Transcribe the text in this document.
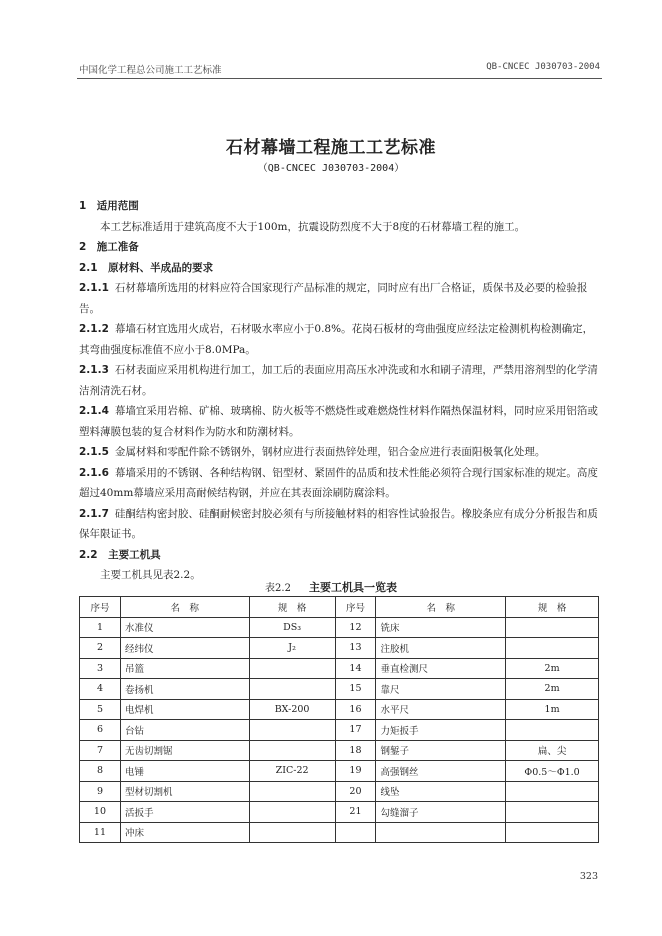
中国化学工程总公司施工工艺标准	QB-CNCEC J030703-2004
石材幕墙工程施工工艺标准
（QB-CNCEC J030703-2004）

1　适用范围

本工艺标准适用于建筑高度不大于100m，抗震设防烈度不大于8度的石材幕墙工程的施工。

2　施工准备

2.1　原材料、半成品的要求

2.1.1 石材幕墙所选用的材料应符合国家现行产品标准的规定，同时应有出厂合格证，质保书及必要的检验报告。

2.1.2 幕墙石材宜选用火成岩，石材吸水率应小于0.8%。花岗石板材的弯曲强度应经法定检测机构检测确定，其弯曲强度标准值不应小于8.0MPa。

2.1.3 石材表面应采用机构进行加工，加工后的表面应用高压水冲洗或和水和刷子清理，严禁用溶剂型的化学清洁剂清洗石材。

2.1.4 幕墙宜采用岩棉、矿棉、玻璃棉、防火板等不燃烧性或难燃烧性材料作隔热保温材料，同时应采用铝箔或塑料薄膜包装的复合材料作为防水和防潮材料。

2.1.5 金属材料和零配件除不锈钢外，钢材应进行表面热锌处理，铝合金应进行表面阳极氧化处理。

2.1.6 幕墙采用的不锈钢、各种结构钢、铝型材、紧固件的品质和技术性能必须符合现行国家标准的规定。高度超过40mm幕墙应采用高耐候结构钢，并应在其表面涂刷防腐涂料。

2.1.7 硅酮结构密封胶、硅酮耐候密封胶必须有与所接触材料的相容性试验报告。橡胶条应有成分分析报告和质保年限证书。

2.2　主要工机具

主要工机具见表2.2。

表2.2 主要工机具一览表
序号	名　称	规　格	序号	名　称	规　格
1	水准仪	DS₃	12	铣床	
2	经纬仪	J₂	13	注胶机	
3	吊篮		14	垂直检测尺	2m
4	卷扬机		15	靠尺	2m
5	电焊机	BX-200	16	水平尺	1m
6	台钻		17	力矩扳手	
7	无齿切割锯		18	钢錾子	扁、尖
8	电锤	ZIC-22	19	高强钢丝	Φ0.5～Φ1.0
9	型材切割机		20	线坠	
10	活扳手		21	勾缝溜子	
11	冲床				
323
